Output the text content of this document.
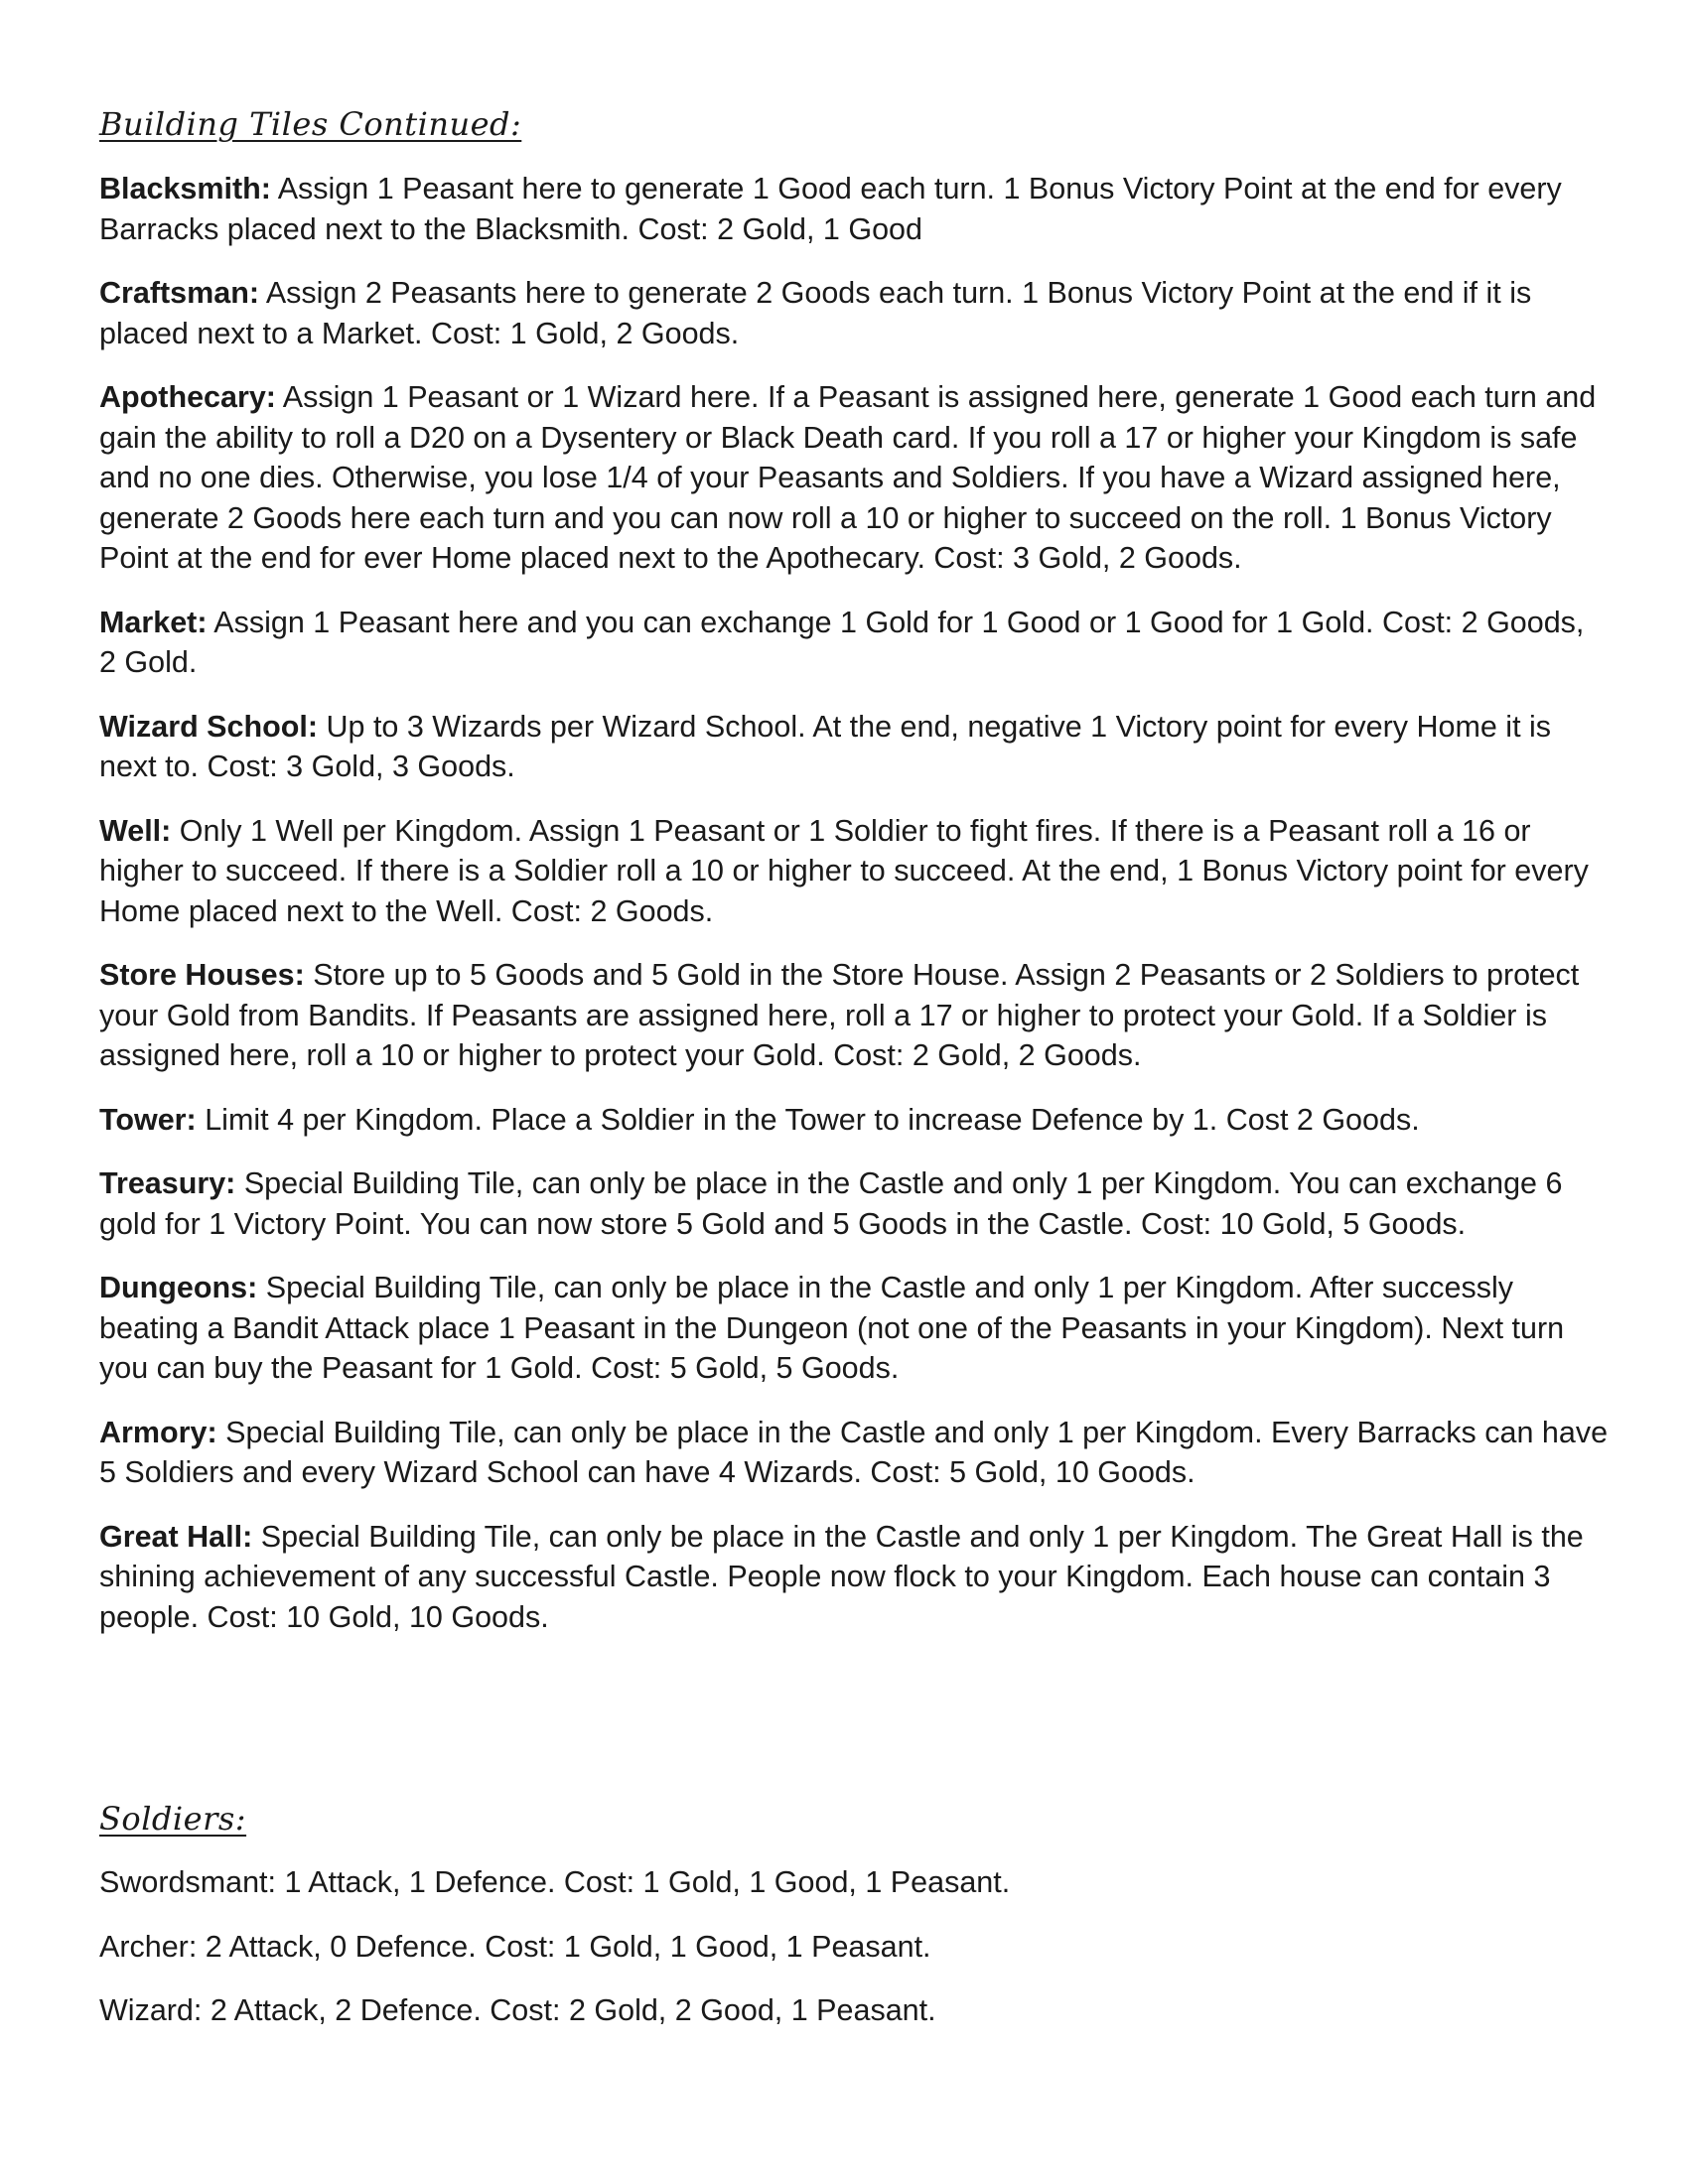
Building Tiles Continued:

Blacksmith: Assign 1 Peasant here to generate 1 Good each turn. 1 Bonus Victory Point at the end for every Barracks placed next to the Blacksmith. Cost: 2 Gold, 1 Good

Craftsman: Assign 2 Peasants here to generate 2 Goods each turn. 1 Bonus Victory Point at the end if it is placed next to a Market. Cost: 1 Gold, 2 Goods.

Apothecary: Assign 1 Peasant or 1 Wizard here. If a Peasant is assigned here, generate 1 Good each turn and gain the ability to roll a D20 on a Dysentery or Black Death card. If you roll a 17 or higher your Kingdom is safe and no one dies. Otherwise, you lose 1/4 of your Peasants and Soldiers. If you have a Wizard assigned here, generate 2 Goods here each turn and you can now roll a 10 or higher to succeed on the roll. 1 Bonus Victory Point at the end for ever Home placed next to the Apothecary. Cost: 3 Gold, 2 Goods.

Market: Assign 1 Peasant here and you can exchange 1 Gold for 1 Good or 1 Good for 1 Gold. Cost: 2 Goods, 2 Gold.

Wizard School: Up to 3 Wizards per Wizard School. At the end, negative 1 Victory point for every Home it is next to. Cost: 3 Gold, 3 Goods.

Well: Only 1 Well per Kingdom. Assign 1 Peasant or 1 Soldier to fight fires. If there is a Peasant roll a 16 or higher to succeed. If there is a Soldier roll a 10 or higher to succeed. At the end, 1 Bonus Victory point for every Home placed next to the Well. Cost: 2 Goods.

Store Houses: Store up to 5 Goods and 5 Gold in the Store House. Assign 2 Peasants or 2 Soldiers to protect your Gold from Bandits. If Peasants are assigned here, roll a 17 or higher to protect your Gold. If a Soldier is assigned here, roll a 10 or higher to protect your Gold. Cost: 2 Gold, 2 Goods.

Tower: Limit 4 per Kingdom. Place a Soldier in the Tower to increase Defence by 1. Cost 2 Goods.

Treasury: Special Building Tile, can only be place in the Castle and only 1 per Kingdom. You can exchange 6 gold for 1 Victory Point. You can now store 5 Gold and 5 Goods in the Castle. Cost: 10 Gold, 5 Goods.

Dungeons: Special Building Tile, can only be place in the Castle and only 1 per Kingdom. After successly beating a Bandit Attack place 1 Peasant in the Dungeon (not one of the Peasants in your Kingdom). Next turn you can buy the Peasant for 1 Gold. Cost: 5 Gold, 5 Goods.

Armory: Special Building Tile, can only be place in the Castle and only 1 per Kingdom. Every Barracks can have 5 Soldiers and every Wizard School can have 4 Wizards. Cost: 5 Gold, 10 Goods.

Great Hall: Special Building Tile, can only be place in the Castle and only 1 per Kingdom. The Great Hall is the shining achievement of any successful Castle. People now flock to your Kingdom. Each house can contain 3 people. Cost: 10 Gold, 10 Goods.

Soldiers:

Swordsmant: 1 Attack, 1 Defence. Cost: 1 Gold, 1 Good, 1 Peasant.

Archer: 2 Attack, 0 Defence. Cost: 1 Gold, 1 Good, 1 Peasant.

Wizard: 2 Attack, 2 Defence. Cost: 2 Gold, 2 Good, 1 Peasant.
